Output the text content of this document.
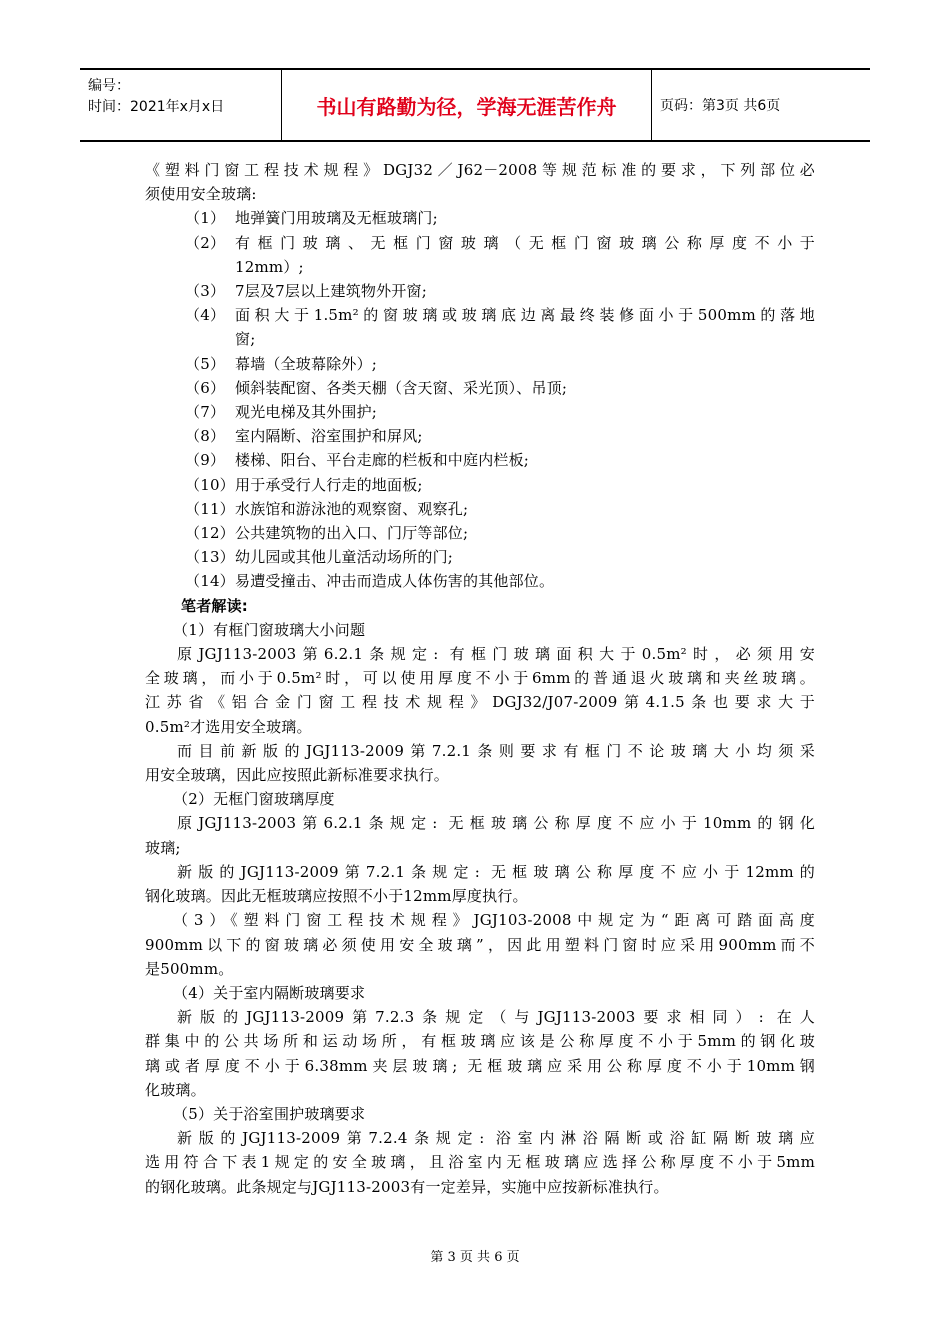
编号：
时间：2021年x月x日	书山有路勤为径，学海无涯苦作舟	页码：第3页 共6页
《塑料门窗工程技术规程》DGJ32／J62－2008等规范标准的要求，下列部位必
须使用安全玻璃:
（1） 地弹簧门用玻璃及无框玻璃门;
（2） 有框门玻璃、无框门窗玻璃（无框门窗玻璃公称厚度不小于
12mm）;
（3） 7层及7层以上建筑物外开窗;
（4） 面积大于1.5m²的窗玻璃或玻璃底边离最终装修面小于500mm的落地
窗;
（5） 幕墙（全玻幕除外）;
（6） 倾斜装配窗、各类天棚（含天窗、采光顶）、吊顶;
（7） 观光电梯及其外围护;
（8） 室内隔断、浴室围护和屏风;
（9） 楼梯、阳台、平台走廊的栏板和中庭内栏板;
（10） 用于承受行人行走的地面板;
（11） 水族馆和游泳池的观察窗、观察孔;
（12） 公共建筑物的出入口、门厅等部位;
（13） 幼儿园或其他儿童活动场所的门;
（14） 易遭受撞击、冲击而造成人体伤害的其他部位。
笔者解读:
（1）有框门窗玻璃大小问题
原JGJ113-2003第6.2.1条规定: 有框门玻璃面积大于0.5m²时，必须用安
全玻璃，而小于0.5m²时，可以使用厚度不小于6mm的普通退火玻璃和夹丝玻璃。
江苏省《铝合金门窗工程技术规程》DGJ32/J07-2009第4.1.5条也要求大于
0.5m²才选用安全玻璃。
而目前新版的JGJ113-2009第7.2.1条则要求有框门不论玻璃大小均须采
用安全玻璃，因此应按照此新标准要求执行。
（2）无框门窗玻璃厚度
原JGJ113-2003第6.2.1条规定: 无框玻璃公称厚度不应小于10mm的钢化
玻璃;
新版的JGJ113-2009第7.2.1条规定: 无框玻璃公称厚度不应小于12mm的
钢化玻璃。因此无框玻璃应按照不小于12mm厚度执行。
（3）《塑料门窗工程技术规程》JGJ103-2008中规定为“距离可踏面高度
900mm以下的窗玻璃必须使用安全玻璃”，因此用塑料门窗时应采用900mm而不
是500mm。
（4）关于室内隔断玻璃要求
新版的JGJ113-2009第7.2.3条规定（与JGJ113-2003要求相同）: 在人
群集中的公共场所和运动场所，有框玻璃应该是公称厚度不小于5mm的钢化玻
璃或者厚度不小于6.38mm夹层玻璃; 无框玻璃应采用公称厚度不小于10mm钢
化玻璃。
（5）关于浴室围护玻璃要求
新版的JGJ113-2009第7.2.4条规定: 浴室内淋浴隔断或浴缸隔断玻璃应
选用符合下表1规定的安全玻璃，且浴室内无框玻璃应选择公称厚度不小于5mm
的钢化玻璃。此条规定与JGJ113-2003有一定差异，实施中应按新标准执行。
第 3 页 共 6 页
